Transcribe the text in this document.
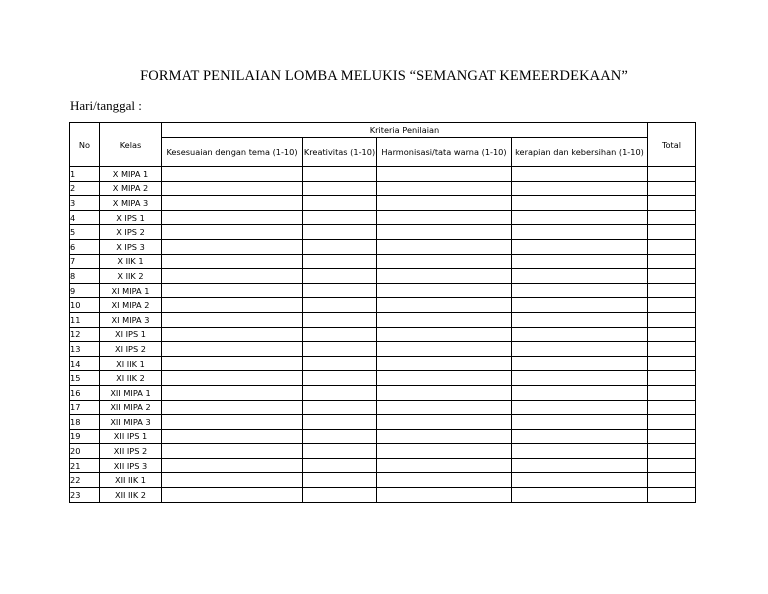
FORMAT PENILAIAN LOMBA MELUKIS “SEMANGAT KEMEERDEKAAN”
Hari/tanggal :
No	Kelas	Kriteria Penilaian				Total
		Kesesuaian dengan tema (1-10)	Kreativitas (1-10)	Harmonisasi/tata warna (1-10)	kerapian dan kebersihan (1-10)	
1	X MIPA 1					
2	X MIPA 2					
3	X MIPA 3					
4	X IPS 1					
5	X IPS 2					
6	X IPS 3					
7	X IIK 1					
8	X IIK 2					
9	XI MIPA 1					
10	XI MIPA 2					
11	XI MIPA 3					
12	XI IPS 1					
13	XI IPS 2					
14	XI IIK 1					
15	XI IIK 2					
16	XII MIPA 1					
17	XII MIPA 2					
18	XII MIPA 3					
19	XII IPS 1					
20	XII IPS 2					
21	XII IPS 3					
22	XII IIK 1					
23	XII IIK 2					
